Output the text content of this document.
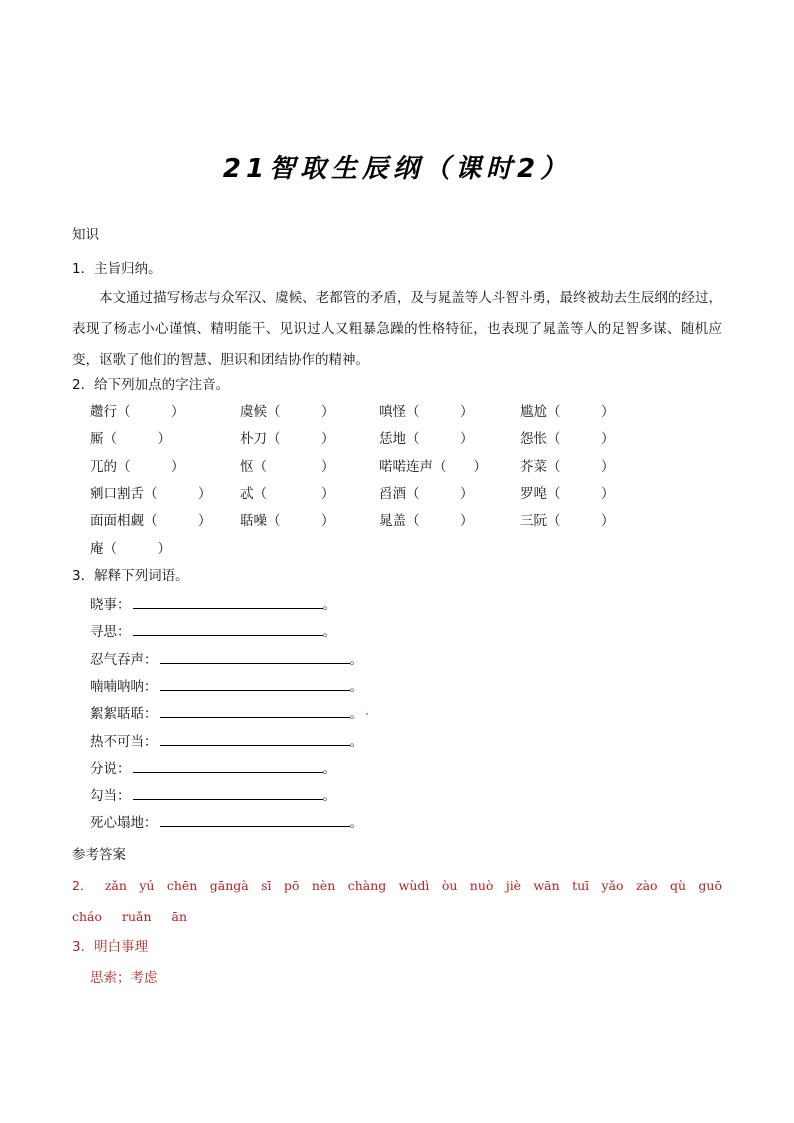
21智取生辰纲（课时2）
知识
1．主旨归纳。
本文通过描写杨志与众军汉、虞候、老都管的矛盾，及与晁盖等人斗智斗勇，最终被劫去生辰纲的经过，表现了杨志小心谨慎、精明能干、见识过人又粗暴急躁的性格特征，也表现了晁盖等人的足智多谋、随机应变，讴歌了他们的智慧、胆识和团结协作的精神。
2．给下列加点的字注音。
趱行（　　　）	虞候（　　　）	嗔怪（　　　）	尴尬（　　　）
厮（　　　）	朴刀（　　　）	恁地（　　　）	怨怅（　　　）
兀的（　　　）	怄（　　　　）	喏喏连声（　　） 芥菜（　　　）
剜口割舌（　　　） 忒（　　　　）	舀酒（　　　）	罗唣（　　　）
面面相觑（　　　） 聒噪（　　　）	晁盖（　　　）	三阮（　　　）
庵（　　　）
3．解释下列词语。
晓事：	。
寻思：	。
忍气吞声：	。
喃喃呐呐：	。
絮絮聒聒：	。
热不可当：	。
分说：	。
勾当：	。
死心塌地：	。
参考答案
2． zǎn yú chēn gāngà sī pō nèn chàng wùdì òu nuò jiè wān tuī yǎo zào qù guō
cháo ruǎn ān
3．明白事理
思索；考虑
